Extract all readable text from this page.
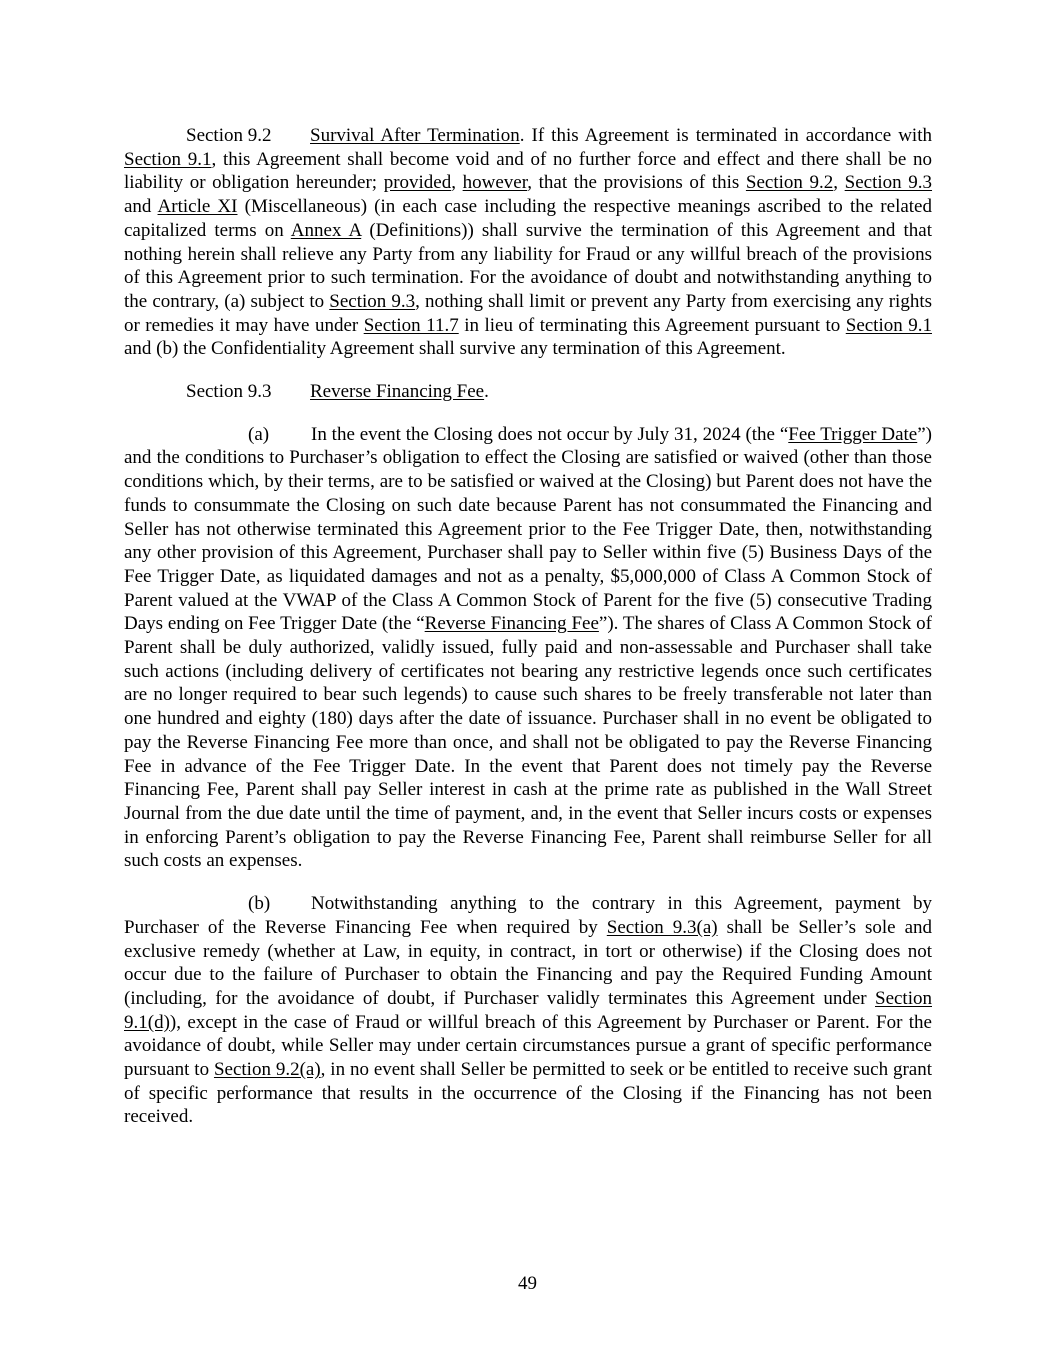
Section 9.2 Survival After Termination. If this Agreement is terminated in accordance with Section 9.1, this Agreement shall become void and of no further force and effect and there shall be no liability or obligation hereunder; provided, however, that the provisions of this Section 9.2, Section 9.3 and Article XI (Miscellaneous) (in each case including the respective meanings ascribed to the related capitalized terms on Annex A (Definitions)) shall survive the termination of this Agreement and that nothing herein shall relieve any Party from any liability for Fraud or any willful breach of the provisions of this Agreement prior to such termination. For the avoidance of doubt and notwithstanding anything to the contrary, (a) subject to Section 9.3, nothing shall limit or prevent any Party from exercising any rights or remedies it may have under Section 11.7 in lieu of terminating this Agreement pursuant to Section 9.1 and (b) the Confidentiality Agreement shall survive any termination of this Agreement.

Section 9.3 Reverse Financing Fee.

(a) In the event the Closing does not occur by July 31, 2024 (the “Fee Trigger Date”) and the conditions to Purchaser’s obligation to effect the Closing are satisfied or waived (other than those conditions which, by their terms, are to be satisfied or waived at the Closing) but Parent does not have the funds to consummate the Closing on such date because Parent has not consummated the Financing and Seller has not otherwise terminated this Agreement prior to the Fee Trigger Date, then, notwithstanding any other provision of this Agreement, Purchaser shall pay to Seller within five (5) Business Days of the Fee Trigger Date, as liquidated damages and not as a penalty, $5,000,000 of Class A Common Stock of Parent valued at the VWAP of the Class A Common Stock of Parent for the five (5) consecutive Trading Days ending on Fee Trigger Date (the “Reverse Financing Fee”). The shares of Class A Common Stock of Parent shall be duly authorized, validly issued, fully paid and non-assessable and Purchaser shall take such actions (including delivery of certificates not bearing any restrictive legends once such certificates are no longer required to bear such legends) to cause such shares to be freely transferable not later than one hundred and eighty (180) days after the date of issuance. Purchaser shall in no event be obligated to pay the Reverse Financing Fee more than once, and shall not be obligated to pay the Reverse Financing Fee in advance of the Fee Trigger Date. In the event that Parent does not timely pay the Reverse Financing Fee, Parent shall pay Seller interest in cash at the prime rate as published in the Wall Street Journal from the due date until the time of payment, and, in the event that Seller incurs costs or expenses in enforcing Parent’s obligation to pay the Reverse Financing Fee, Parent shall reimburse Seller for all such costs an expenses.

(b) Notwithstanding anything to the contrary in this Agreement, payment by Purchaser of the Reverse Financing Fee when required by Section 9.3(a) shall be Seller’s sole and exclusive remedy (whether at Law, in equity, in contract, in tort or otherwise) if the Closing does not occur due to the failure of Purchaser to obtain the Financing and pay the Required Funding Amount (including, for the avoidance of doubt, if Purchaser validly terminates this Agreement under Section 9.1(d)), except in the case of Fraud or willful breach of this Agreement by Purchaser or Parent. For the avoidance of doubt, while Seller may under certain circumstances pursue a grant of specific performance pursuant to Section 9.2(a), in no event shall Seller be permitted to seek or be entitled to receive such grant of specific performance that results in the occurrence of the Closing if the Financing has not been received.

49
